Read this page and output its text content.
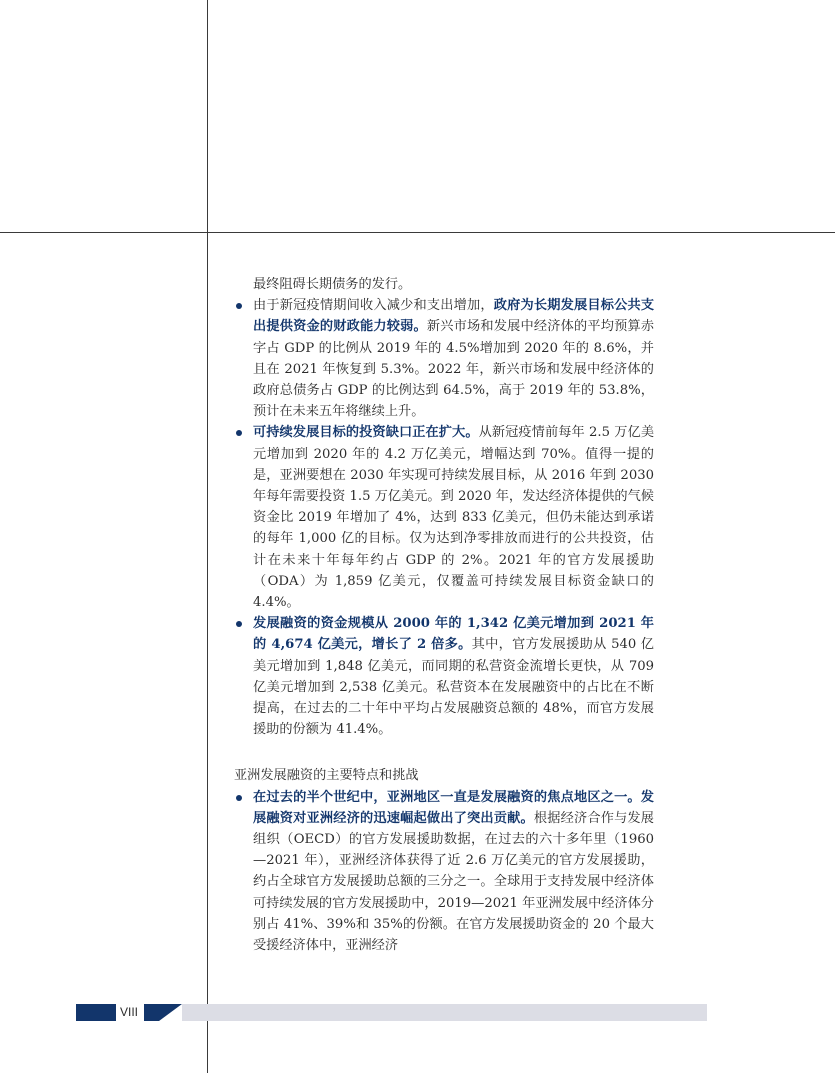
最终阻碍长期债务的发行。

由于新冠疫情期间收入减少和支出增加，政府为长期发展目标公共支出提供资金的财政能力较弱。新兴市场和发展中经济体的平均预算赤字占 GDP 的比例从 2019 年的 4.5%增加到 2020 年的 8.6%，并且在 2021 年恢复到 5.3%。2022 年，新兴市场和发展中经济体的政府总债务占 GDP 的比例达到 64.5%，高于 2019 年的 53.8%，预计在未来五年将继续上升。

可持续发展目标的投资缺口正在扩大。从新冠疫情前每年 2.5 万亿美元增加到 2020 年的 4.2 万亿美元，增幅达到 70%。值得一提的是，亚洲要想在 2030 年实现可持续发展目标，从 2016 年到 2030 年每年需要投资 1.5 万亿美元。到 2020 年，发达经济体提供的气候资金比 2019 年增加了 4%，达到 833 亿美元，但仍未能达到承诺的每年 1,000 亿的目标。仅为达到净零排放而进行的公共投资，估计在未来十年每年约占 GDP 的 2%。2021 年的官方发展援助（ODA）为 1,859 亿美元，仅覆盖可持续发展目标资金缺口的 4.4%。

发展融资的资金规模从 2000 年的 1,342 亿美元增加到 2021 年的 4,674 亿美元，增长了 2 倍多。其中，官方发展援助从 540 亿美元增加到 1,848 亿美元，而同期的私营资金流增长更快，从 709 亿美元增加到 2,538 亿美元。私营资本在发展融资中的占比在不断提高，在过去的二十年中平均占发展融资总额的 48%，而官方发展援助的份额为 41.4%。

亚洲发展融资的主要特点和挑战

在过去的半个世纪中，亚洲地区一直是发展融资的焦点地区之一。发展融资对亚洲经济的迅速崛起做出了突出贡献。根据经济合作与发展组织（OECD）的官方发展援助数据，在过去的六十多年里（1960—2021 年），亚洲经济体获得了近 2.6 万亿美元的官方发展援助，约占全球官方发展援助总额的三分之一。全球用于支持发展中经济体可持续发展的官方发展援助中，2019—2021 年亚洲发展中经济体分别占 41%、39%和 35%的份额。在官方发展援助资金的 20 个最大受援经济体中，亚洲经济

VIII
